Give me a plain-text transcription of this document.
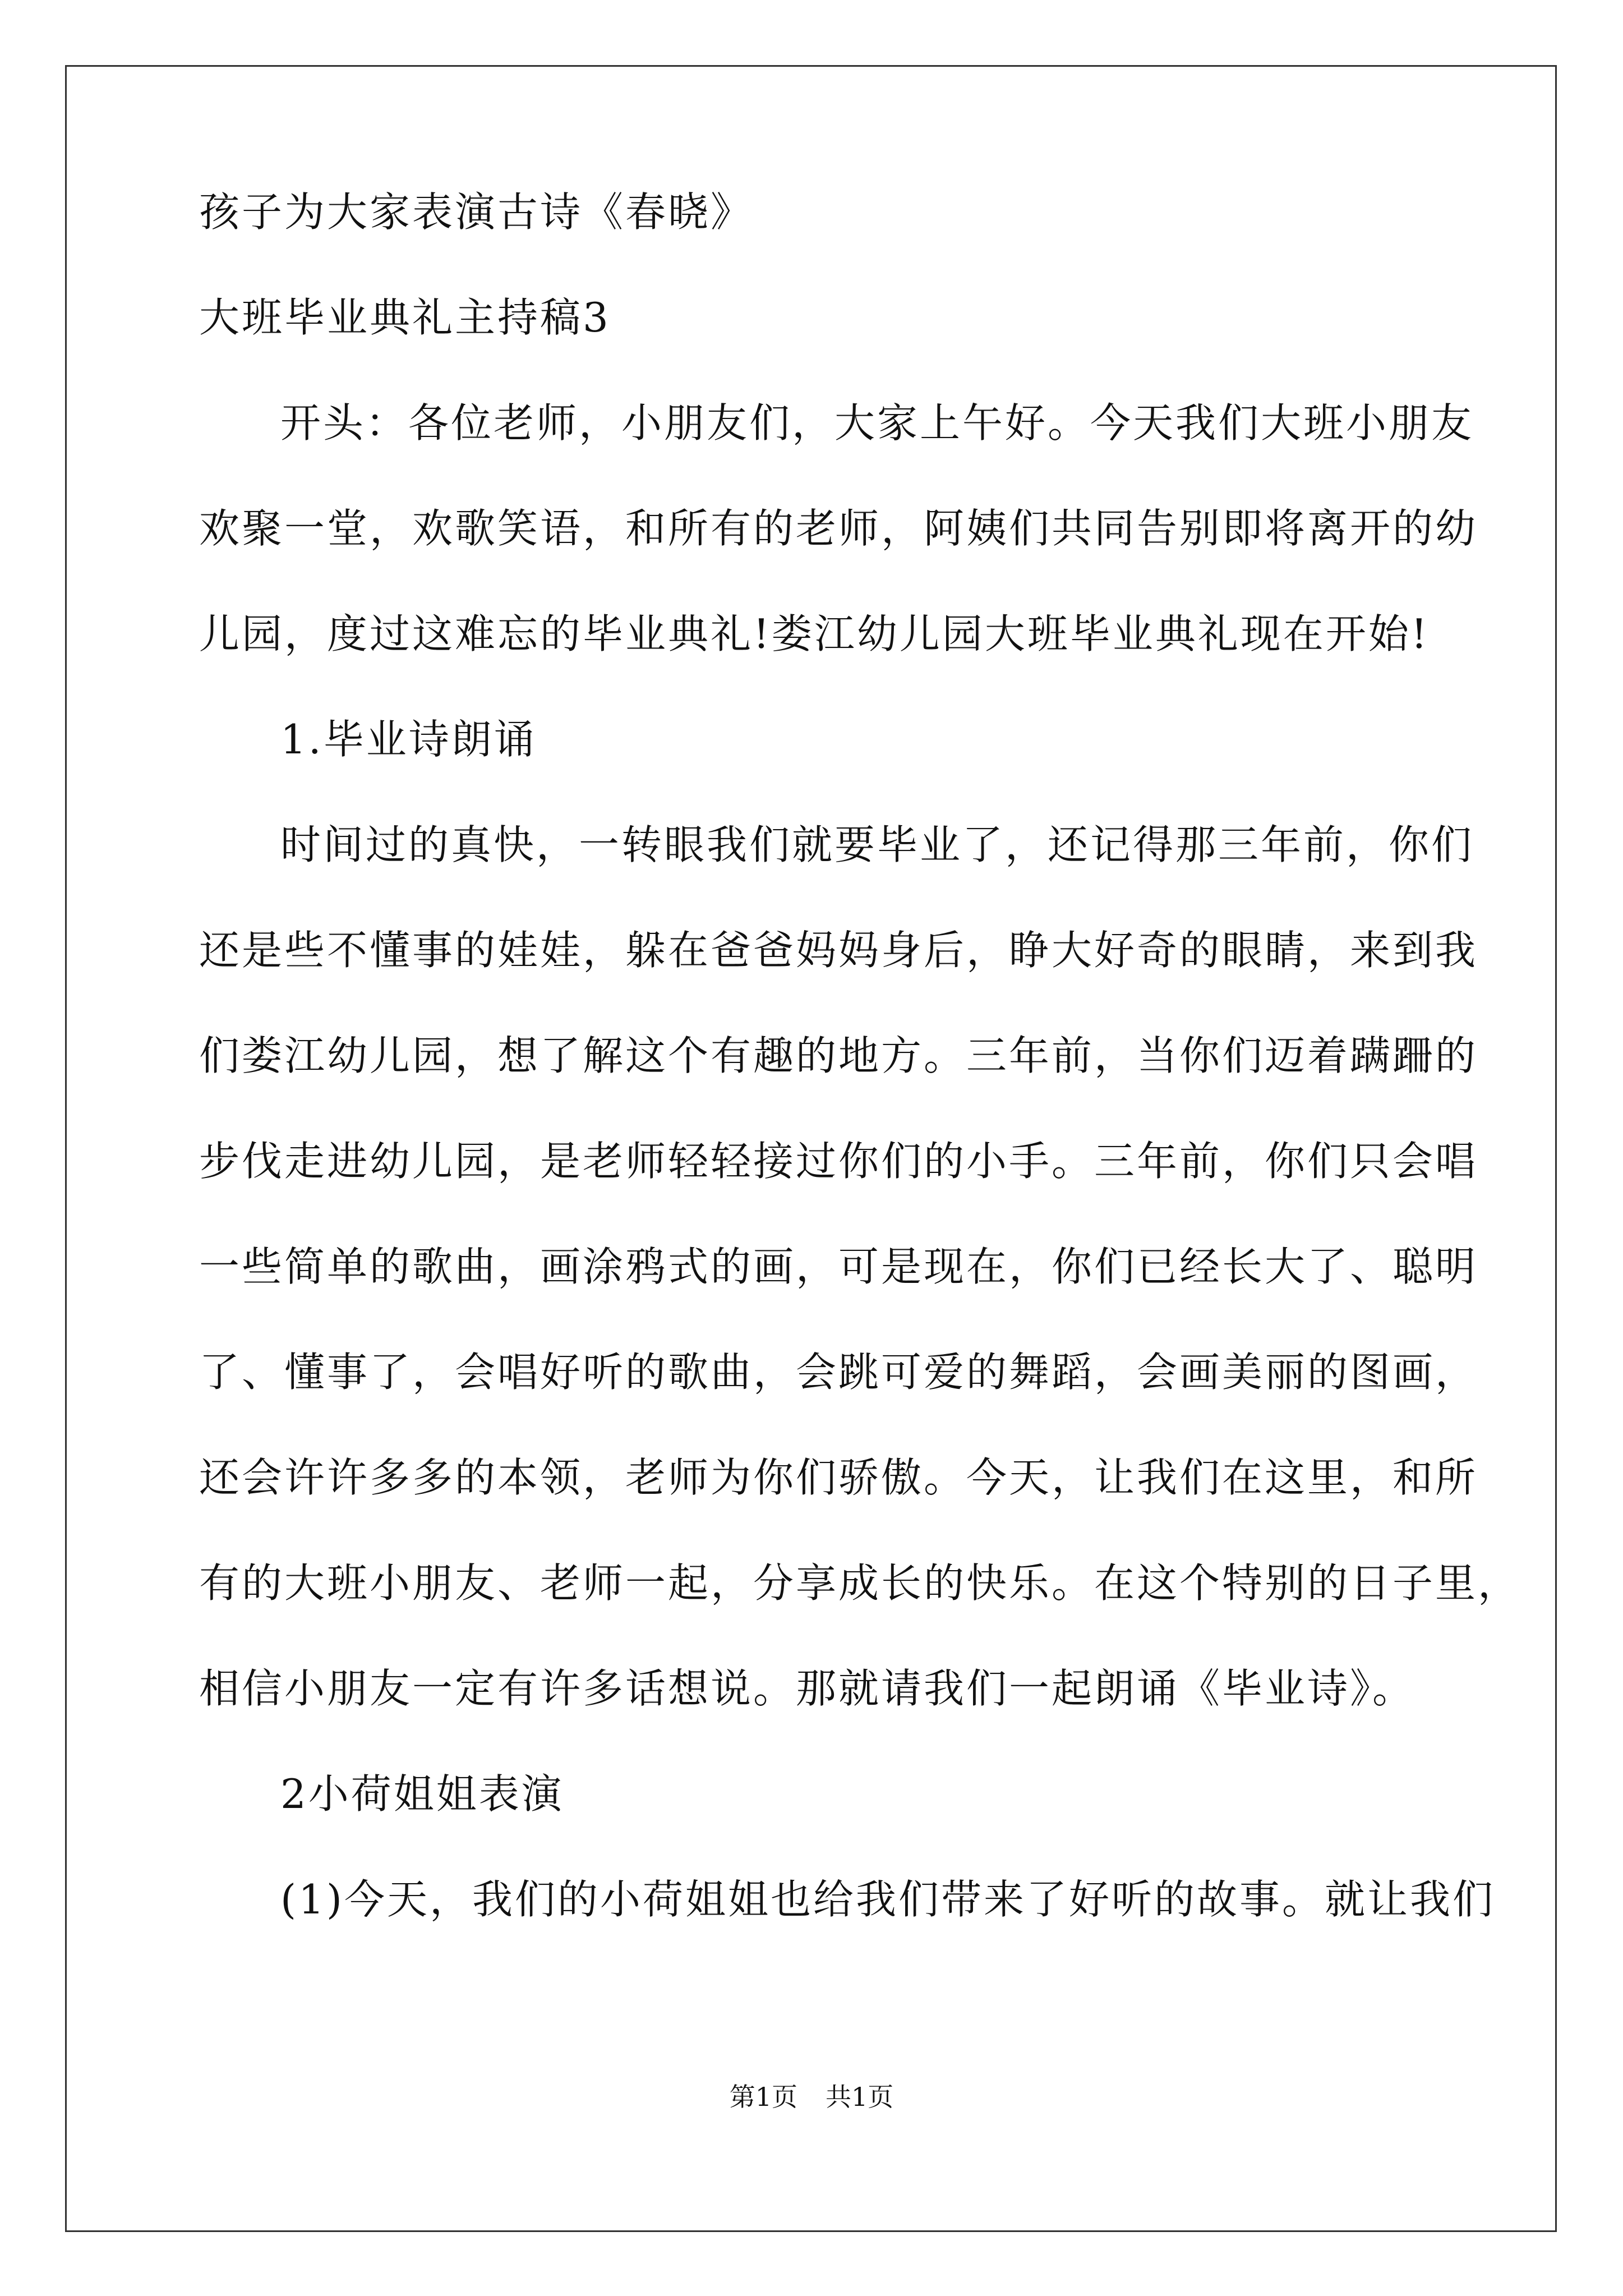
孩子为大家表演古诗《春晓》
大班毕业典礼主持稿3
开头：各位老师，小朋友们，大家上午好。今天我们大班小朋友
欢聚一堂，欢歌笑语，和所有的老师，阿姨们共同告别即将离开的幼
儿园，度过这难忘的毕业典礼!娄江幼儿园大班毕业典礼现在开始!
1.毕业诗朗诵
时间过的真快，一转眼我们就要毕业了，还记得那三年前，你们
还是些不懂事的娃娃，躲在爸爸妈妈身后，睁大好奇的眼睛，来到我
们娄江幼儿园，想了解这个有趣的地方。三年前，当你们迈着蹒跚的
步伐走进幼儿园，是老师轻轻接过你们的小手。三年前，你们只会唱
一些简单的歌曲，画涂鸦式的画，可是现在，你们已经长大了、聪明
了、懂事了，会唱好听的歌曲，会跳可爱的舞蹈，会画美丽的图画，
还会许许多多的本领，老师为你们骄傲。今天，让我们在这里，和所
有的大班小朋友、老师一起，分享成长的快乐。在这个特别的日子里，
相信小朋友一定有许多话想说。那就请我们一起朗诵《毕业诗》。
2小荷姐姐表演
(1)今天，我们的小荷姐姐也给我们带来了好听的故事。就让我们
第1页 共1页
